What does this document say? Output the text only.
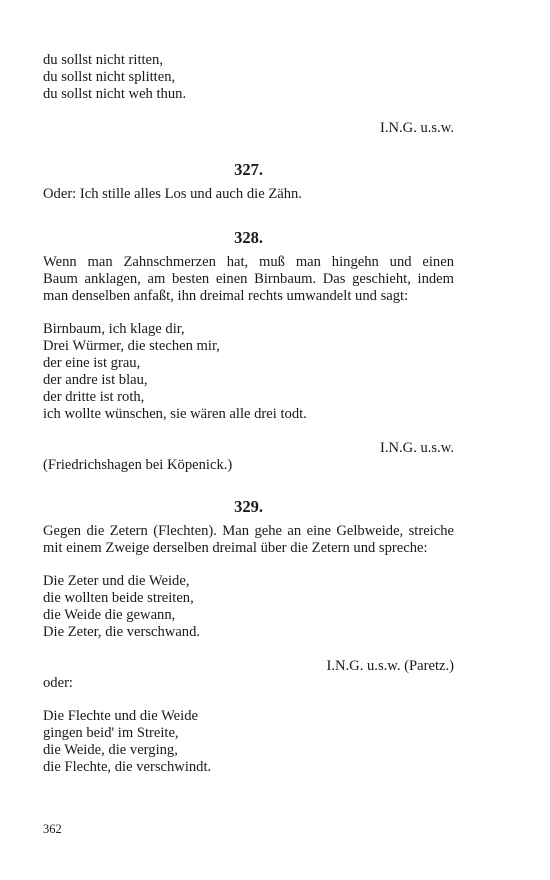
du sollst nicht ritten,
du sollst nicht splitten,
du sollst nicht weh thun.
I.N.G. u.s.w.
327.
Oder: Ich stille alles Los und auch die Zähn.
328.
Wenn man Zahnschmerzen hat, muß man hingehn und einen
Baum anklagen, am besten einen Birnbaum. Das geschieht, indem
man denselben anfaßt, ihn dreimal rechts umwandelt und sagt:
Birnbaum, ich klage dir,
Drei Würmer, die stechen mir,
der eine ist grau,
der andre ist blau,
der dritte ist roth,
ich wollte wünschen, sie wären alle drei todt.
I.N.G. u.s.w.
(Friedrichshagen bei Köpenick.)
329.
Gegen die Zetern (Flechten). Man gehe an eine Gelbweide, streiche
mit einem Zweige derselben dreimal über die Zetern und spreche:
Die Zeter und die Weide,
die wollten beide streiten,
die Weide die gewann,
Die Zeter, die verschwand.
I.N.G. u.s.w. (Paretz.)
oder:
Die Flechte und die Weide
gingen beid' im Streite,
die Weide, die verging,
die Flechte, die verschwindt.
362
